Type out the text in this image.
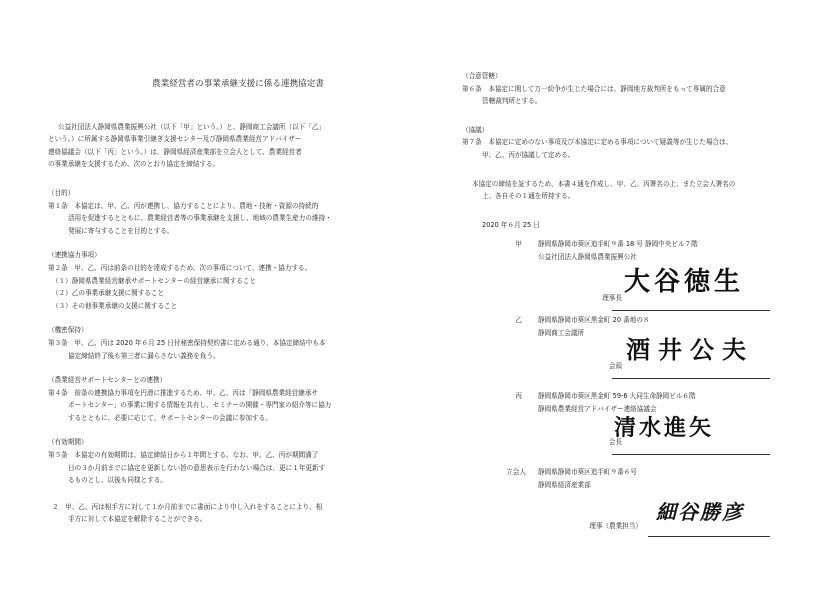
農業経営者の事業承継支援に係る連携協定書
公益社団法人静岡県農業振興公社（以下「甲」という。）と、静岡商工会議所（以下「乙」
という。）に所属する静岡県事業引継ぎ支援センター及び静岡県農業経営アドバイザー
連絡協議会（以下「丙」という。）は、静岡県経済産業部を立会人として、農業経営者
の事業承継を支援するため、次のとおり協定を締結する。
（目的）
第１条　本協定は、甲、乙、丙が連携し、協力することにより、農地・技術・資源の持続的
活用を促進するとともに、農業経営者等の事業承継を支援し、地域の農業生産力の維持・
発展に寄与することを目的とする。
（連携協力事項）
第２条　甲、乙、丙は前条の目的を達成するため、次の事項について、連携・協力する。
（１）静岡県農業経営継承サポートセンターの経営継承に関すること
（２）乙の事業承継支援に関すること
（３）その他事業承継の支援に関すること
（機密保持）
第３条　甲、乙、丙は 2020 年６月 25 日付秘密保持契約書に定める通り、本協定締結中も本
協定締結終了後も第三者に漏らさない義務を負う。
（農業経営サポートセンターとの連携）
第４条　前条の連携協力事項を円滑に推進するため、甲、乙、丙は「静岡県農業経営継承サ
ポートセンター」の事業に関する情報を共有し、セミナーの開催・専門家の紹介等に協力
するとともに、必要に応じて、サポートセンターの会議に参加する。
（有効期間）
第５条　本協定の有効期間は、協定締結日から１年間とする。なお、甲、乙、丙が期間満了
日の３か月前までに協定を更新しない旨の意思表示を行わない場合は、更に１年更新す
るものとし、以後も同様とする。
２　甲、乙、丙は相手方に対して１か月前までに書面により申し入れをすることにより、相
手方に対して本協定を解除することができる。
（合意管轄）
第６条　本協定に関して万一紛争が生じた場合には、静岡地方裁判所をもって専属的合意
管轄裁判所とする。
（協議）
第７条　本協定に定めのない事項及び本協定に定める事項について疑義等が生じた場合は、
甲、乙、丙が協議して定める。
本協定の締結を証するため、本書４通を作成し、甲、乙、丙署名の上、また立会人署名の
上、各自その１通を所持する。
2020 年６月 25 日
甲 静岡県静岡市葵区追手町９番 18 号 静岡中央ビル７階
公益社団法人静岡県農業振興公社
理事長
大谷徳生
乙 静岡県静岡市葵区黒金町 20 番地の８
静岡商工会議所
会頭
酒井公夫
丙 静岡県静岡市葵区黒金町 59-6 大同生命静岡ビル６階
静岡県農業経営アドバイザー連絡協議会
会長
清水進矢
立会人 静岡県静岡市葵区追手町９番６号
静岡県経済産業部
理事（農業担当）
細谷勝彦
